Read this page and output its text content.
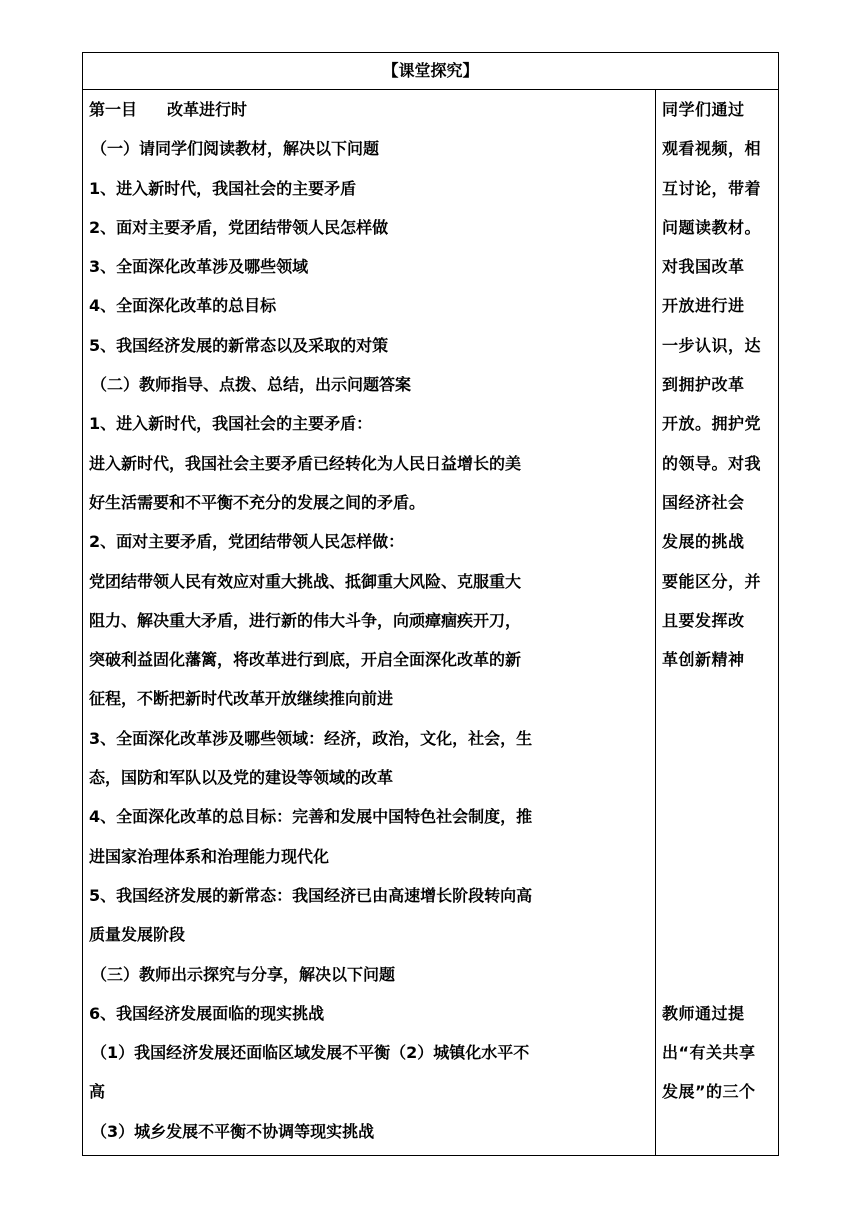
【课堂探究】
第一目 改革进行时
（一）请同学们阅读教材，解决以下问题
1、进入新时代，我国社会的主要矛盾
2、面对主要矛盾，党团结带领人民怎样做
3、全面深化改革涉及哪些领域
4、全面深化改革的总目标
5、我国经济发展的新常态以及采取的对策
（二）教师指导、点拨、总结，出示问题答案
1、进入新时代，我国社会的主要矛盾：
进入新时代，我国社会主要矛盾已经转化为人民日益增长的美
好生活需要和不平衡不充分的发展之间的矛盾。
2、面对主要矛盾，党团结带领人民怎样做：
党团结带领人民有效应对重大挑战、抵御重大风险、克服重大
阻力、解决重大矛盾，进行新的伟大斗争，向顽瘴痼疾开刀，
突破利益固化藩篱，将改革进行到底，开启全面深化改革的新
征程，不断把新时代改革开放继续推向前进
3、全面深化改革涉及哪些领域：经济，政治，文化，社会，生
态，国防和军队以及党的建设等领域的改革
4、全面深化改革的总目标：完善和发展中国特色社会制度，推
进国家治理体系和治理能力现代化
5、我国经济发展的新常态：我国经济已由高速增长阶段转向高
质量发展阶段
（三）教师出示探究与分享，解决以下问题
6、我国经济发展面临的现实挑战
（1）我国经济发展还面临区域发展不平衡（2）城镇化水平不
高
（3）城乡发展不平衡不协调等现实挑战
同学们通过
观看视频，相
互讨论，带着
问题读教材。
对我国改革
开放进行进
一步认识，达
到拥护改革
开放。拥护党
的领导。对我
国经济社会
发展的挑战
要能区分，并
且要发挥改
革创新精神
教师通过提
出“有关共享
发展”的三个
